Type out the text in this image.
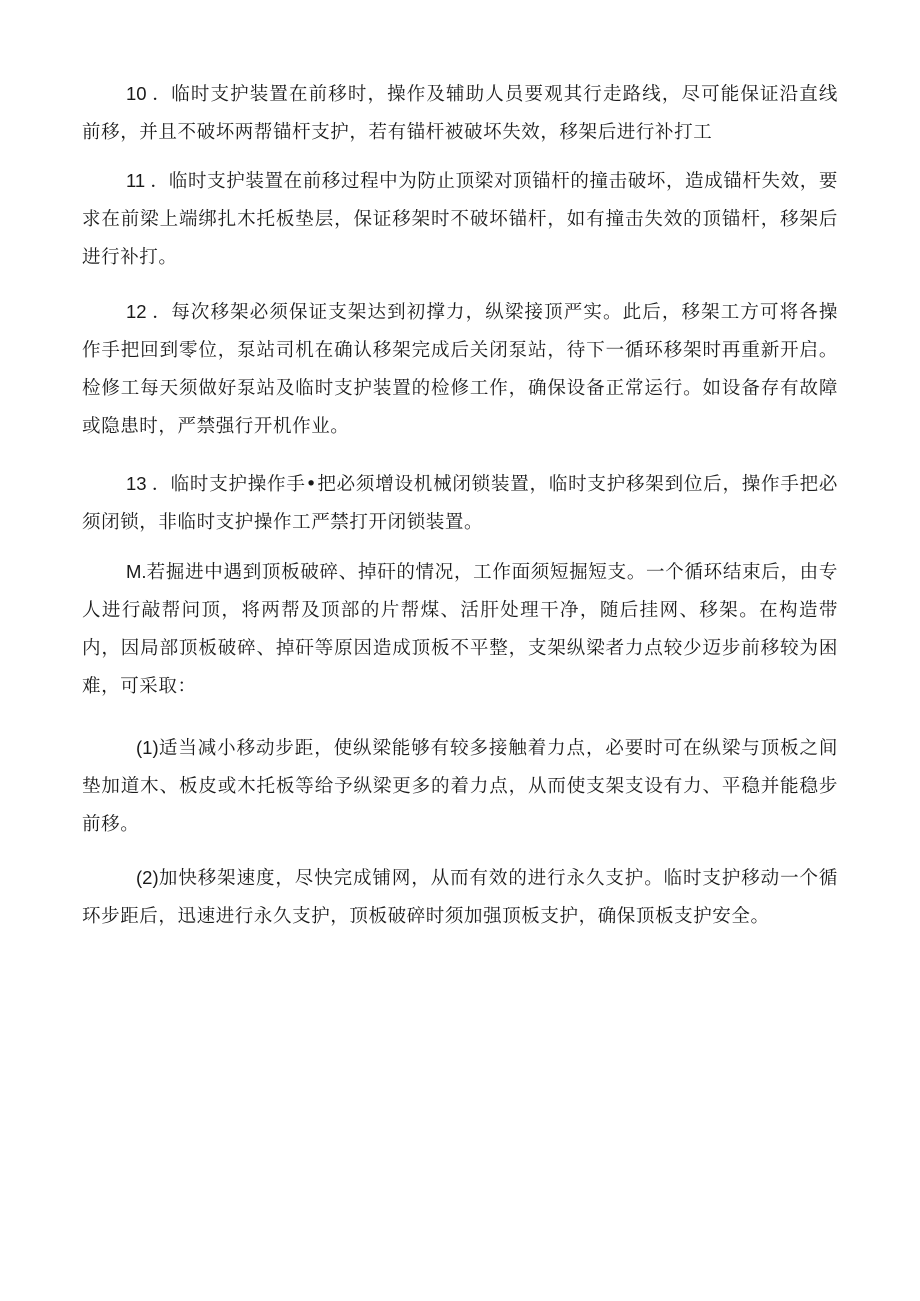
10 ．临时支护装置在前移时，操作及辅助人员要观其行走路线，尽可能保证沿直线前移，并且不破坏两帮锚杆支护，若有锚杆被破坏失效，移架后进行补打工

11 ．临时支护装置在前移过程中为防止顶梁对顶锚杆的撞击破坏，造成锚杆失效，要求在前梁上端绑扎木托板垫层，保证移架时不破坏锚杆，如有撞击失效的顶锚杆，移架后进行补打。

12 ．每次移架必须保证支架达到初撑力，纵梁接顶严实。此后，移架工方可将各操作手把回到零位，泵站司机在确认移架完成后关闭泵站，待下一循环移架时再重新开启。检修工每天须做好泵站及临时支护装置的检修工作，确保设备正常运行。如设备存有故障或隐患时，严禁强行开机作业。

13 ．临时支护操作手•把必须增设机械闭锁装置，临时支护移架到位后，操作手把必须闭锁，非临时支护操作工严禁打开闭锁装置。

M.若掘进中遇到顶板破碎、掉矸的情况，工作面须短掘短支。一个循环结束后，由专人进行敲帮问顶，将两帮及顶部的片帮煤、活肝处理干净，随后挂网、移架。在构造带内，因局部顶板破碎、掉矸等原因造成顶板不平整，支架纵梁者力点较少迈步前移较为困难，可采取：

(1)适当减小移动步距，使纵梁能够有较多接触着力点，必要时可在纵梁与顶板之间垫加道木、板皮或木托板等给予纵梁更多的着力点，从而使支架支设有力、平稳并能稳步前移。

(2)加快移架速度，尽快完成铺网，从而有效的进行永久支护。临时支护移动一个循环步距后，迅速进行永久支护，顶板破碎时须加强顶板支护，确保顶板支护安全。
